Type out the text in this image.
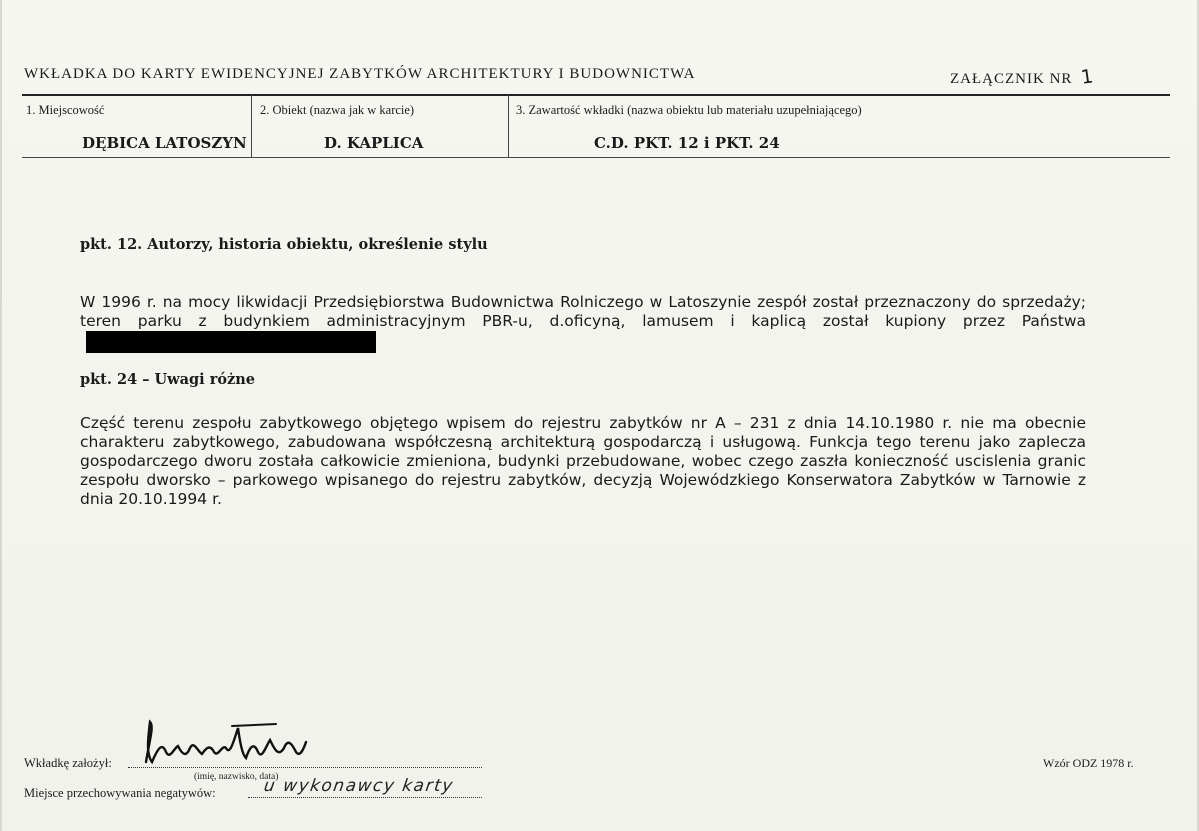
WKŁADKA DO KARTY EWIDENCYJNEJ ZABYTKÓW ARCHITEKTURY I BUDOWNICTWA	ZAŁĄCZNIK NR 1
1. Miejscowość
DĘBICA LATOSZYN
2. Obiekt (nazwa jak w karcie)
D. KAPLICA
3. Zawartość wkładki (nazwa obiektu lub materiału uzupełniającego)
C.D. PKT. 12 i PKT. 24
pkt. 12. Autorzy, historia obiektu, określenie stylu
W 1996 r. na mocy likwidacji Przedsiębiorstwa Budownictwa Rolniczego w Latoszynie zespół został przeznaczony do sprzedaży; teren parku z budynkiem administracyjnym PBR-u, d.oficyną, lamusem i kaplicą został kupiony przez Państwa
pkt. 24 – Uwagi różne
Część terenu zespołu zabytkowego objętego wpisem do rejestru zabytków nr A – 231 z dnia 14.10.1980 r. nie ma obecnie charakteru zabytkowego, zabudowana współczesną architekturą gospodarczą i usługową. Funkcja tego terenu jako zaplecza gospodarczego dworu została całkowicie zmieniona, budynki przebudowane, wobec czego zaszła konieczność uscislenia granic zespołu dworsko – parkowego wpisanego do rejestru zabytków, decyzją Wojewódzkiego Konserwatora Zabytków w Tarnowie z dnia 20.10.1994 r.
Wkładkę założył:
(imię, nazwisko, data)
Miejsce przechowywania negatywów:	u wykonawcy karty
Wzór ODZ 1978 r.
